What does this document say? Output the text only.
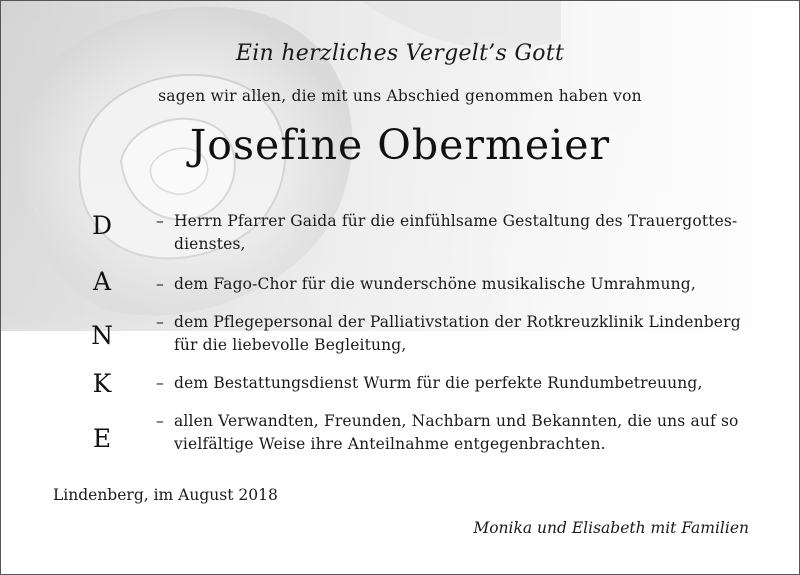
Ein herzliches Vergelt’s Gott
sagen wir allen, die mit uns Abschied genommen haben von
Josefine Obermeier
D
A
N
K
E
– Herrn Pfarrer Gaida für die einfühlsame Gestaltung des Trauergottes- dienstes,
– dem Fago-Chor für die wunderschöne musikalische Umrahmung,
– dem Pflegepersonal der Palliativstation der Rotkreuzklinik Lindenberg für die liebevolle Begleitung,
– dem Bestattungsdienst Wurm für die perfekte Rundumbetreuung,
– allen Verwandten, Freunden, Nachbarn und Bekannten, die uns auf so vielfältige Weise ihre Anteilnahme entgegenbrachten.
Lindenberg, im August 2018
Monika und Elisabeth mit Familien
